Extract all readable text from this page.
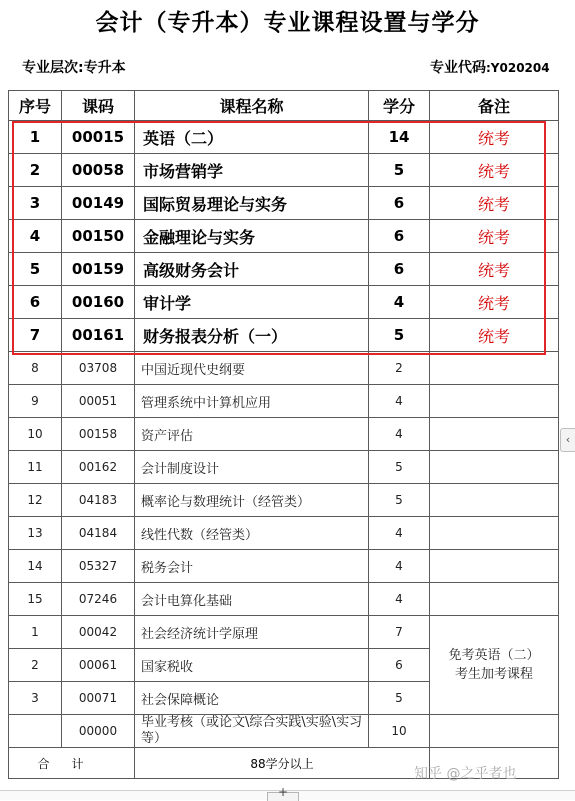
会计（专升本）专业课程设置与学分
专业层次:专升本	专业代码:Y020204
序号	课码	课程名称	学分	备注
1	00015	英语（二）	14	统考
2	00058	市场营销学	5	统考
3	00149	国际贸易理论与实务	6	统考
4	00150	金融理论与实务	6	统考
5	00159	高级财务会计	6	统考
6	00160	审计学	4	统考
7	00161	财务报表分析（一）	5	统考
8	03708	中国近现代史纲要	2	
9	00051	管理系统中计算机应用	4	
10	00158	资产评估	4	
11	00162	会计制度设计	5	
12	04183	概率论与数理统计（经管类）	5	
13	04184	线性代数（经管类）	4	
14	05327	税务会计	4	
15	07246	会计电算化基础	4	
1	00042	社会经济统计学原理	7	免考英语（二）
考生加考课程

2	00061	国家税收	6	
3	00071	社会保障概论	5	
	00000	毕业考核（或论文\综合实践\实验\实习等）	10	
合计		88学分以上		
知乎 @之乎者也
‹
+
